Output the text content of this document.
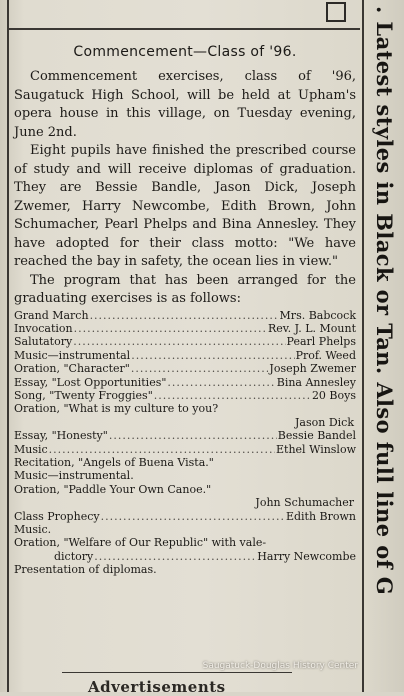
Commencement—Class of '96.

Commencement exercises, class of '96, Saugatuck High School, will be held at Upham's opera house in this village, on Tuesday evening, June 2nd.

Eight pupils have finished the prescribed course of study and will receive diplomas of graduation. They are Bessie Bandle, Jason Dick, Joseph Zwemer, Harry Newcombe, Edith Brown, John Schumacher, Pearl Phelps and Bina Annesley. They have adopted for their class motto: "We have reached the bay in safety, the ocean lies in view."

The program that has been arranged for the graduating exercises is as follows:

Grand March .....	Mrs. Babcock
Invocation .....	Rev. J. L. Mount
Salutatory .....	Pearl Phelps
Music—instrumental .....	Prof. Weed
Oration, "Character" .....	Joseph Zwemer
Essay, "Lost Opportunities" .....	Bina Annesley
Song, "Twenty Froggies" .....	20 Boys
Oration, "What is my culture to you?
Jason Dick
Essay, "Honesty" .....	Bessie Bandel
Music .....	Ethel Winslow
Recitation, "Angels of Buena Vista."
Music—instrumental.
Oration, "Paddle Your Own Canoe."
John Schumacher
Class Prophecy .....	Edith Brown
Music.
Oration, "Welfare of Our Republic" with vale-
dictory .....	Harry Newcombe
Presentation of diplomas.
Advertisements
Saugatuck-Douglas History Center
. Latest styles in Black or Tan. Also full line of G
